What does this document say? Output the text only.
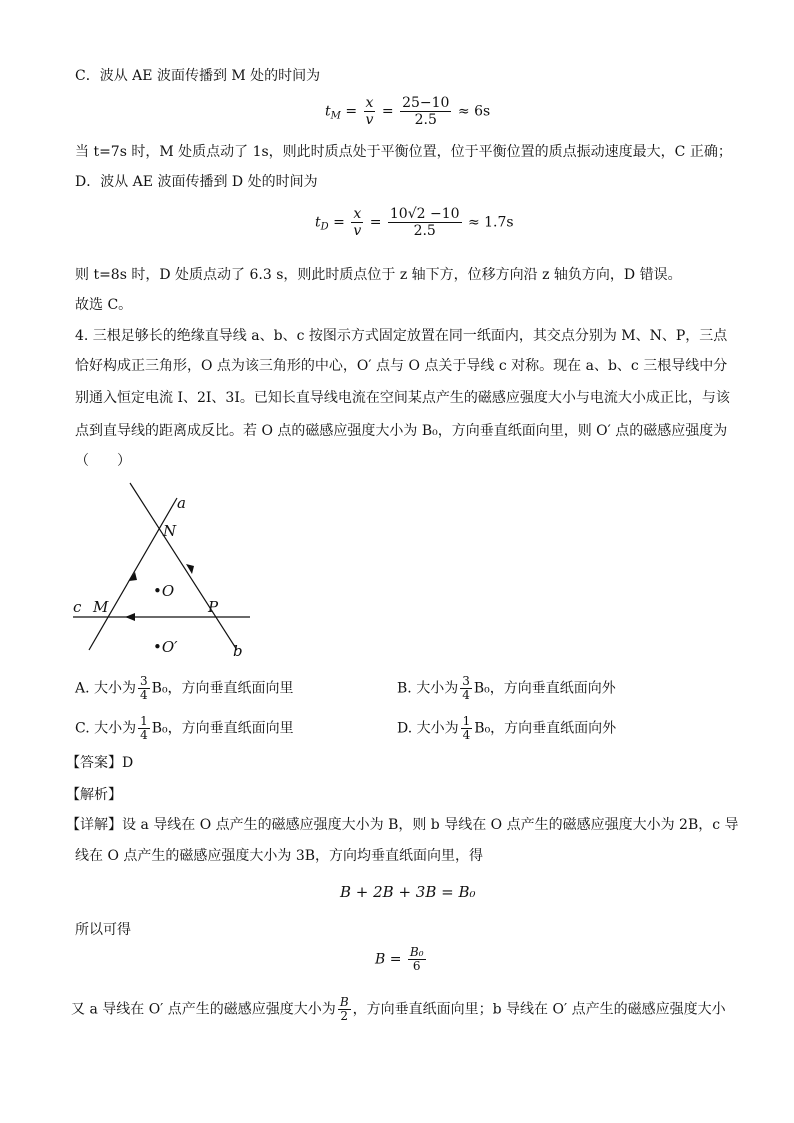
C．波从 AE 波面传播到 M 处的时间为
$t_M = \frac{x}{v} = \frac{25-10}{2.5} \approx 6s$
当 t=7s 时，M 处质点动了 1s，则此时质点处于平衡位置，位于平衡位置的质点振动速度最大，C 正确；
D．波从 AE 波面传播到 D 处的时间为
$t_D = \frac{x}{v} = \frac{10√2 -10}{2.5} \approx 1.7s$
则 t=8s 时，D 处质点动了 6.3 s，则此时质点位于 z 轴下方，位移方向沿 z 轴负方向，D 错误。
故选 C。
4. 三根足够长的绝缘直导线 a、b、c 按图示方式固定放置在同一纸面内，其交点分别为 M、N、P，三点
恰好构成正三角形，O 点为该三角形的中心，O′ 点与 O 点关于导线 c 对称。现在 a、b、c 三根导线中分
别通入恒定电流 I、2I、3I。已知长直导线电流在空间某点产生的磁感应强度大小与电流大小成正比，与该
点到直导线的距离成反比。若 O 点的磁感应强度大小为 B₀，方向垂直纸面向里，则 O′ 点的磁感应强度为
（　　）
a
N
•O
c M	P
•O′	b
A. 大小为 $\frac{3}{4} B_0$，方向垂直纸面向里	B. 大小为 $\frac{3}{4} B_0$，方向垂直纸面向外
C. 大小为 $\frac{1}{4} B_0$，方向垂直纸面向里	D. 大小为 $\frac{1}{4} B_0$，方向垂直纸面向外
【答案】D
【解析】
【详解】设 a 导线在 O 点产生的磁感应强度大小为 B，则 b 导线在 O 点产生的磁感应强度大小为 2B，c 导
线在 O 点产生的磁感应强度大小为 3B，方向均垂直纸面向里，得
B + 2B + 3B = B₀
所以可得
$B = \frac{\text{B₀}}{6}$
又 a 导线在 O′ 点产生的磁感应强度大小为 $\frac{B}{2}$ ，方向垂直纸面向里；b 导线在 O′ 点产生的磁感应强度大小
